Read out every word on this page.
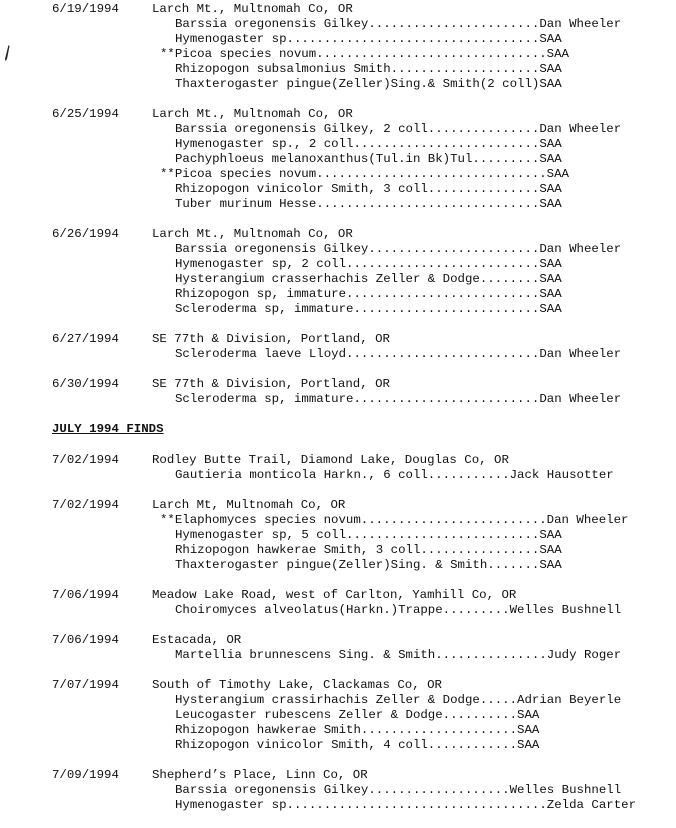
6/19/1994	Larch Mt., Multnomah Co, OR
Barssia oregonensis Gilkey.......................Dan Wheeler
Hymenogaster sp..................................SAA
**Picoa species novum...............................SAA
Rhizopogon subsalmonius Smith....................SAA
Thaxterogaster pingue(Zeller)Sing.& Smith(2 coll)SAA
6/25/1994	Larch Mt., Multnomah Co, OR
Barssia oregonensis Gilkey, 2 coll...............Dan Wheeler
Hymenogaster sp., 2 coll.........................SAA
Pachyphloeus melanoxanthus(Tul.in Bk)Tul.........SAA
**Picoa species novum...............................SAA
Rhizopogon vinicolor Smith, 3 coll...............SAA
Tuber murinum Hesse..............................SAA
6/26/1994	Larch Mt., Multnomah Co, OR
Barssia oregonensis Gilkey.......................Dan Wheeler
Hymenogaster sp, 2 coll..........................SAA
Hysterangium crasserhachis Zeller & Dodge........SAA
Rhizopogon sp, immature..........................SAA
Scleroderma sp, immature.........................SAA
6/27/1994	SE 77th & Division, Portland, OR
Scleroderma laeve Lloyd..........................Dan Wheeler
6/30/1994	SE 77th & Division, Portland, OR
Scleroderma sp, immature.........................Dan Wheeler
JULY 1994 FINDS
7/02/1994	Rodley Butte Trail, Diamond Lake, Douglas Co, OR
Gautieria monticola Harkn., 6 coll...........Jack Hausotter
7/02/1994	Larch Mt, Multnomah Co, OR
**Elaphomyces species novum.........................Dan Wheeler
Hymenogaster sp, 5 coll..........................SAA
Rhizopogon hawkerae Smith, 3 coll................SAA
Thaxterogaster pingue(Zeller)Sing. & Smith.......SAA
7/06/1994	Meadow Lake Road, west of Carlton, Yamhill Co, OR
Choiromyces alveolatus(Harkn.)Trappe.........Welles Bushnell
7/06/1994	Estacada, OR
Martellia brunnescens Sing. & Smith...............Judy Roger
7/07/1994	South of Timothy Lake, Clackamas Co, OR
Hysterangium crassirhachis Zeller & Dodge.....Adrian Beyerle
Leucogaster rubescens Zeller & Dodge..........SAA
Rhizopogon hawkerae Smith.....................SAA
Rhizopogon vinicolor Smith, 4 coll............SAA
7/09/1994	Shepherd’s Place, Linn Co, OR
Barssia oregonensis Gilkey...................Welles Bushnell
Hymenogaster sp...................................Zelda Carter
